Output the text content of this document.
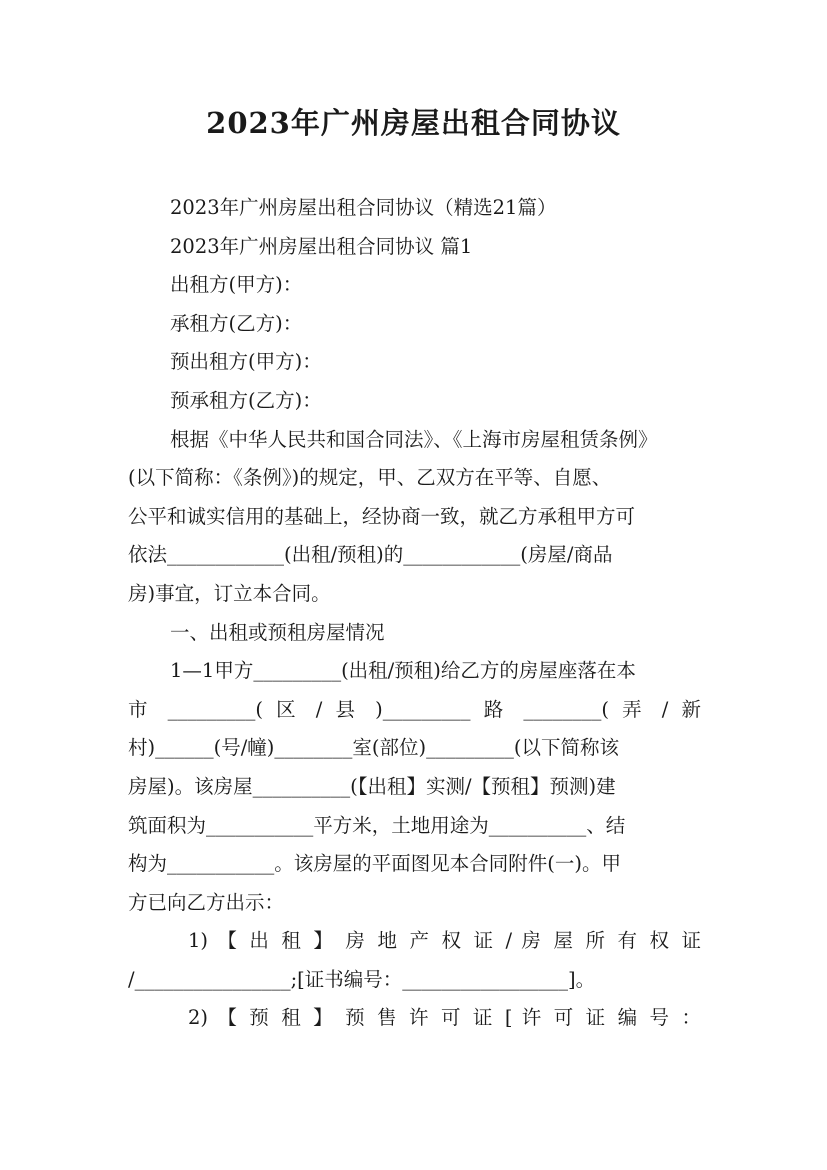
2023年广州房屋出租合同协议

2023年广州房屋出租合同协议（精选21篇）

2023年广州房屋出租合同协议 篇1

出租方(甲方)：

承租方(乙方)：

预出租方(甲方)：

预承租方(乙方)：

根据《中华人民共和国合同法》、《上海市房屋租赁条例》

(以下简称：《条例》)的规定，甲、乙双方在平等、自愿、

公平和诚实信用的基础上，经协商一致，就乙方承租甲方可

依法____________(出租/预租)的____________(房屋/商品

房)事宜，订立本合同。

一、出租或预租房屋情况

1—1甲方_________(出租/预租)给乙方的房屋座落在本

市 _________( 区 / 县 )_________ 路 ________( 弄 / 新

村)______(号/幢)________室(部位)_________(以下简称该

房屋)。该房屋__________(【出租】实测/【预租】预测)建

筑面积为___________平方米，土地用途为__________、结

构为___________。该房屋的平面图见本合同附件(一)。甲

方已向乙方出示：

1) 【 出 租 】 房 地 产 权 证 / 房 屋 所 有 权 证

/________________;[证书编号：_________________]。

2) 【 预 租 】 预 售 许 可 证 [ 许 可 证 编 号 ：
